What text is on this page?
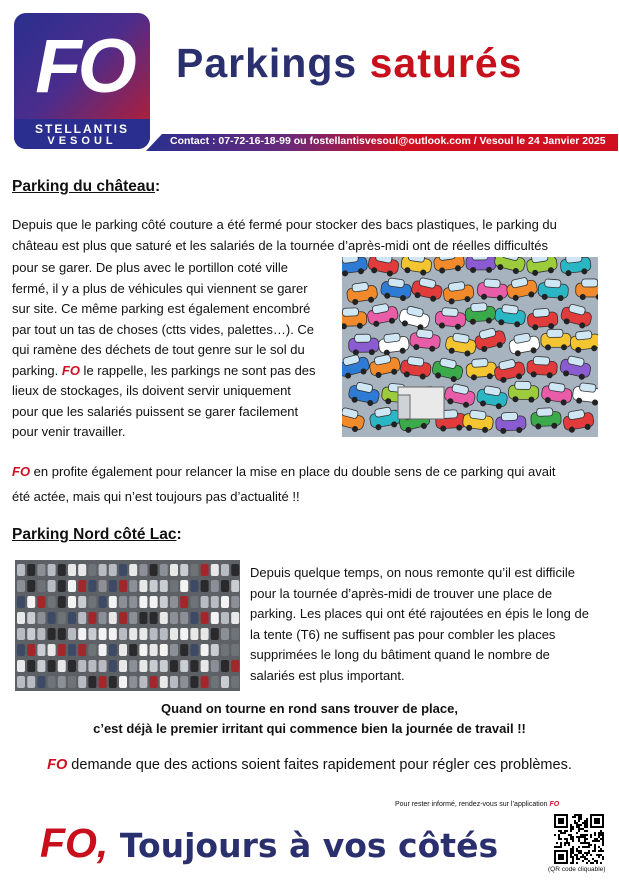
FO
STELLANTIS
VESOUL
Parkings saturés
Contact : 07-72-16-18-99 ou fostellantisvesoul@outlook.com / Vesoul le 24 Janvier 2025
Parking du château:
Depuis que le parking côté couture a été fermé pour stocker des bacs plastiques, le parking du
château est plus que saturé et les salariés de la tournée d’après-midi ont de réelles difficultés
pour se garer. De plus avec le portillon coté ville
fermé, il y a plus de véhicules qui viennent se garer
sur site. Ce même parking est également encombré
par tout un tas de choses (ctts vides, palettes…). Ce
qui ramène des déchets de tout genre sur le sol du
parking. FO le rappelle, les parkings ne sont pas des
lieux de stockages, ils doivent servir uniquement
pour que les salariés puissent se garer facilement
pour venir travailler.
FO en profite également pour relancer la mise en place du double sens de ce parking qui avait
été actée, mais qui n’est toujours pas d’actualité !!
Parking Nord côté Lac:
Depuis quelque temps, on nous remonte qu’il est difficile
pour la tournée d’après-midi de trouver une place de
parking. Les places qui ont été rajoutées en épis le long de
la tente (T6) ne suffisent pas pour combler les places
supprimées le long du bâtiment quand le nombre de
salariés est plus important.
Quand on tourne en rond sans trouver de place,
c’est déjà le premier irritant qui commence bien la journée de travail !!
FO demande que des actions soient faites rapidement pour régler ces problèmes.
Pour rester informé, rendez-vous sur l’application FO
FO, Toujours à vos côtés
(QR code cliquable)
